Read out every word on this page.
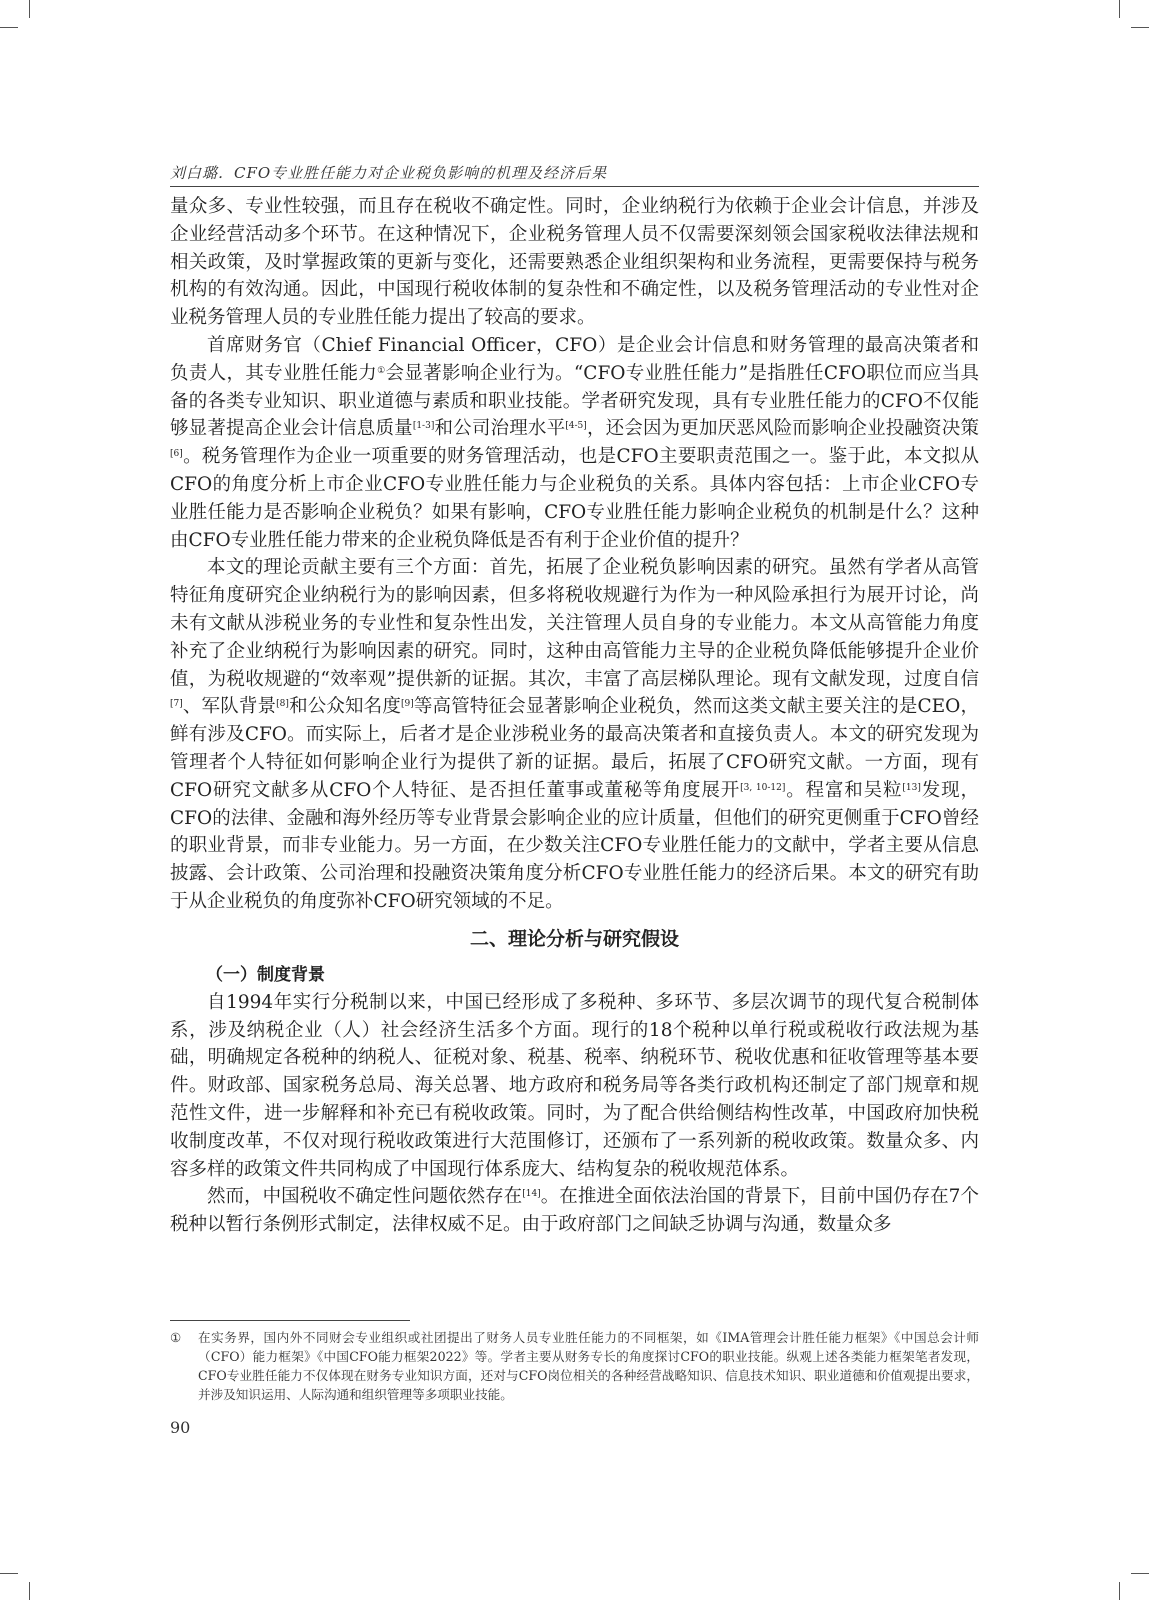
刘白璐．CFO专业胜任能力对企业税负影响的机理及经济后果

量众多、专业性较强，而且存在税收不确定性。同时，企业纳税行为依赖于企业会计信息，并涉及企业经营活动多个环节。在这种情况下，企业税务管理人员不仅需要深刻领会国家税收法律法规和相关政策，及时掌握政策的更新与变化，还需要熟悉企业组织架构和业务流程，更需要保持与税务机构的有效沟通。因此，中国现行税收体制的复杂性和不确定性，以及税务管理活动的专业性对企业税务管理人员的专业胜任能力提出了较高的要求。

首席财务官（Chief Financial Officer，CFO）是企业会计信息和财务管理的最高决策者和负责人，其专业胜任能力①会显著影响企业行为。“CFO专业胜任能力”是指胜任CFO职位而应当具备的各类专业知识、职业道德与素质和职业技能。学者研究发现，具有专业胜任能力的CFO不仅能够显著提高企业会计信息质量[1-3]和公司治理水平[4-5]，还会因为更加厌恶风险而影响企业投融资决策[6]。税务管理作为企业一项重要的财务管理活动，也是CFO主要职责范围之一。鉴于此，本文拟从CFO的角度分析上市企业CFO专业胜任能力与企业税负的关系。具体内容包括：上市企业CFO专业胜任能力是否影响企业税负？如果有影响，CFO专业胜任能力影响企业税负的机制是什么？这种由CFO专业胜任能力带来的企业税负降低是否有利于企业价值的提升？

本文的理论贡献主要有三个方面：首先，拓展了企业税负影响因素的研究。虽然有学者从高管特征角度研究企业纳税行为的影响因素，但多将税收规避行为作为一种风险承担行为展开讨论，尚未有文献从涉税业务的专业性和复杂性出发，关注管理人员自身的专业能力。本文从高管能力角度补充了企业纳税行为影响因素的研究。同时，这种由高管能力主导的企业税负降低能够提升企业价值，为税收规避的“效率观”提供新的证据。其次，丰富了高层梯队理论。现有文献发现，过度自信[7]、军队背景[8]和公众知名度[9]等高管特征会显著影响企业税负，然而这类文献主要关注的是CEO，鲜有涉及CFO。而实际上，后者才是企业涉税业务的最高决策者和直接负责人。本文的研究发现为管理者个人特征如何影响企业行为提供了新的证据。最后，拓展了CFO研究文献。一方面，现有CFO研究文献多从CFO个人特征、是否担任董事或董秘等角度展开[3, 10-12]。程富和吴粒[13]发现，CFO的法律、金融和海外经历等专业背景会影响企业的应计质量，但他们的研究更侧重于CFO曾经的职业背景，而非专业能力。另一方面，在少数关注CFO专业胜任能力的文献中，学者主要从信息披露、会计政策、公司治理和投融资决策角度分析CFO专业胜任能力的经济后果。本文的研究有助于从企业税负的角度弥补CFO研究领域的不足。

二、理论分析与研究假设
（一）制度背景

自1994年实行分税制以来，中国已经形成了多税种、多环节、多层次调节的现代复合税制体系，涉及纳税企业（人）社会经济生活多个方面。现行的18个税种以单行税或税收行政法规为基础，明确规定各税种的纳税人、征税对象、税基、税率、纳税环节、税收优惠和征收管理等基本要件。财政部、国家税务总局、海关总署、地方政府和税务局等各类行政机构还制定了部门规章和规范性文件，进一步解释和补充已有税收政策。同时，为了配合供给侧结构性改革，中国政府加快税收制度改革，不仅对现行税收政策进行大范围修订，还颁布了一系列新的税收政策。数量众多、内容多样的政策文件共同构成了中国现行体系庞大、结构复杂的税收规范体系。

然而，中国税收不确定性问题依然存在[14]。在推进全面依法治国的背景下，目前中国仍存在7个税种以暂行条例形式制定，法律权威不足。由于政府部门之间缺乏协调与沟通，数量众多

① 在实务界，国内外不同财会专业组织或社团提出了财务人员专业胜任能力的不同框架，如《IMA管理会计胜任能力框架》《中国总会计师（CFO）能力框架》《中国CFO能力框架2022》等。学者主要从财务专长的角度探讨CFO的职业技能。纵观上述各类能力框架笔者发现，CFO专业胜任能力不仅体现在财务专业知识方面，还对与CFO岗位相关的各种经营战略知识、信息技术知识、职业道德和价值观提出要求，并涉及知识运用、人际沟通和组织管理等多项职业技能。
90
